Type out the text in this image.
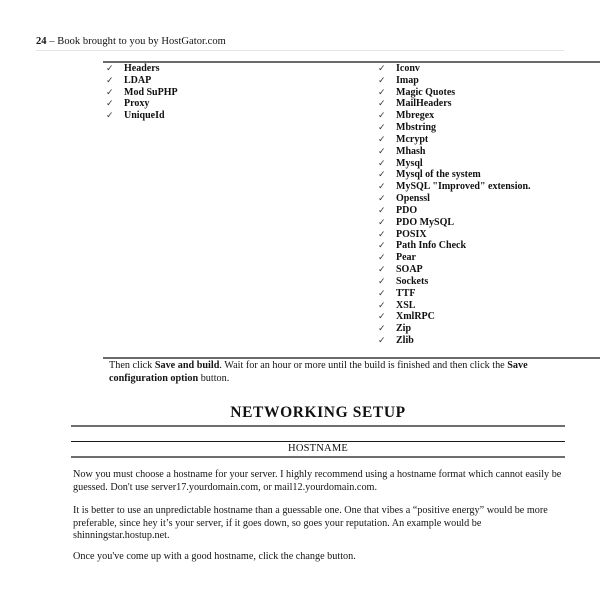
24 – Book brought to you by HostGator.com
✓ Headers
✓ LDAP
✓ Mod SuPHP
✓ Proxy
✓ UniqueId
✓ Iconv
✓ Imap
✓ Magic Quotes
✓ MailHeaders
✓ Mbregex
✓ Mbstring
✓ Mcrypt
✓ Mhash
✓ Mysql
✓ Mysql of the system
✓ MySQL "Improved" extension.
✓ Openssl
✓ PDO
✓ PDO MySQL
✓ POSIX
✓ Path Info Check
✓ Pear
✓ SOAP
✓ Sockets
✓ TTF
✓ XSL
✓ XmlRPC
✓ Zip
✓ Zlib
Then click Save and build. Wait for an hour or more until the build is finished and then click the Save configuration option button.
NETWORKING SETUP
HOSTNAME
Now you must choose a hostname for your server. I highly recommend using a hostname format which cannot easily be guessed. Don't use server17.yourdomain.com, or mail12.yourdomain.com.
It is better to use an unpredictable hostname than a guessable one. One that vibes a “positive energy” would be more preferable, since hey it’s your server, if it goes down, so goes your reputation. An example would be shinningstar.hostup.net.
Once you've come up with a good hostname, click the change button.
